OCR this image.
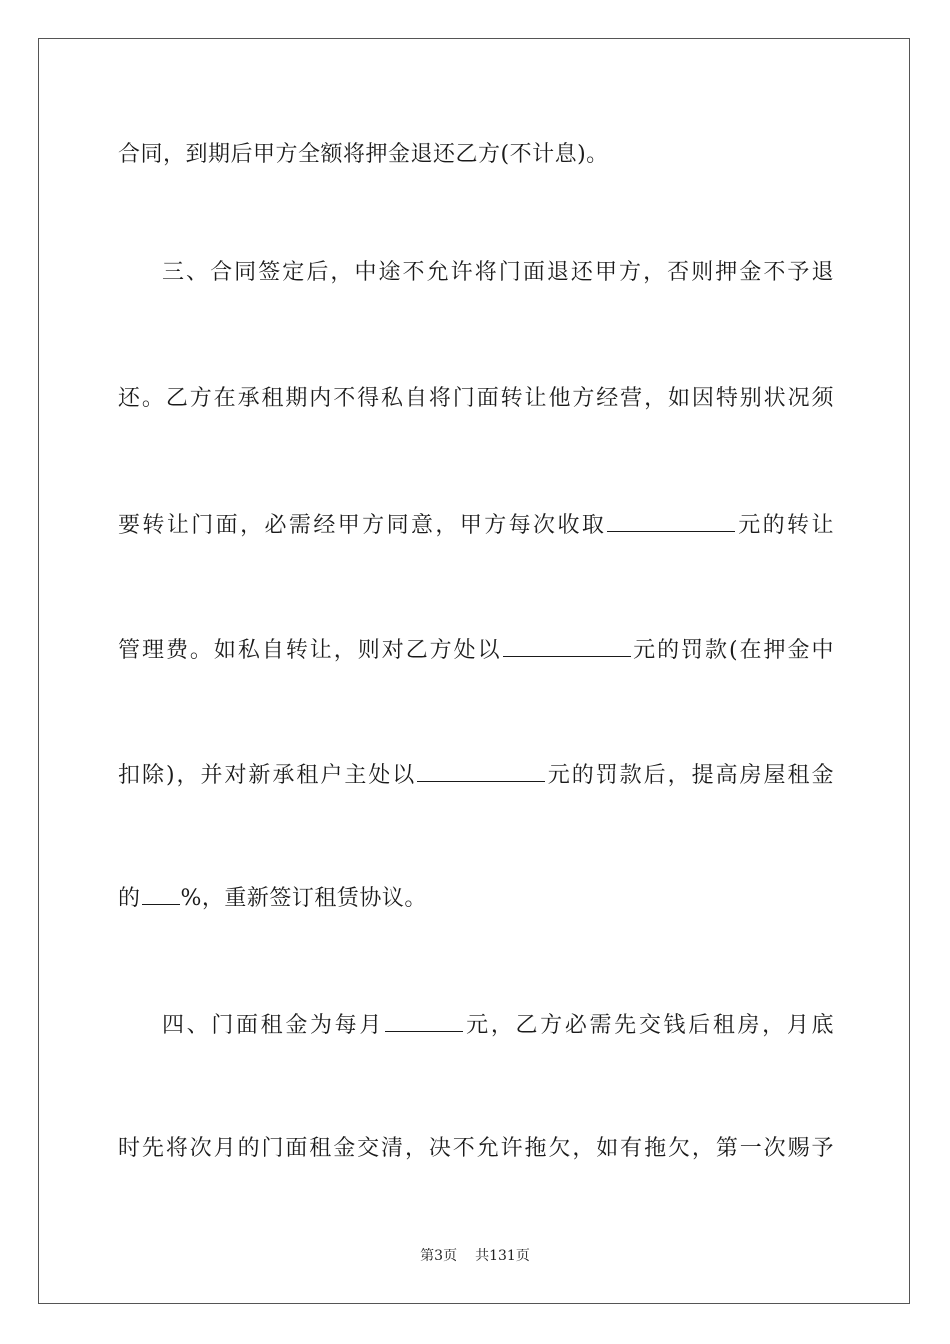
合同，到期后甲方全额将押金退还乙方(不计息)。
三、合同签定后，中途不允许将门面退还甲方，否则押金不予退
还。乙方在承租期内不得私自将门面转让他方经营，如因特别状况须
要转让门面，必需经甲方同意，甲方每次收取	元的转让
管理费。如私自转让，则对乙方处以	元的罚款(在押金中
扣除)，并对新承租户主处以	元的罚款后，提高房屋租金
的 %，重新签订租赁协议。
四、门面租金为每月	元，乙方必需先交钱后租房，月底
时先将次月的门面租金交清，决不允许拖欠，如有拖欠，第一次赐予
第3页 共131页
